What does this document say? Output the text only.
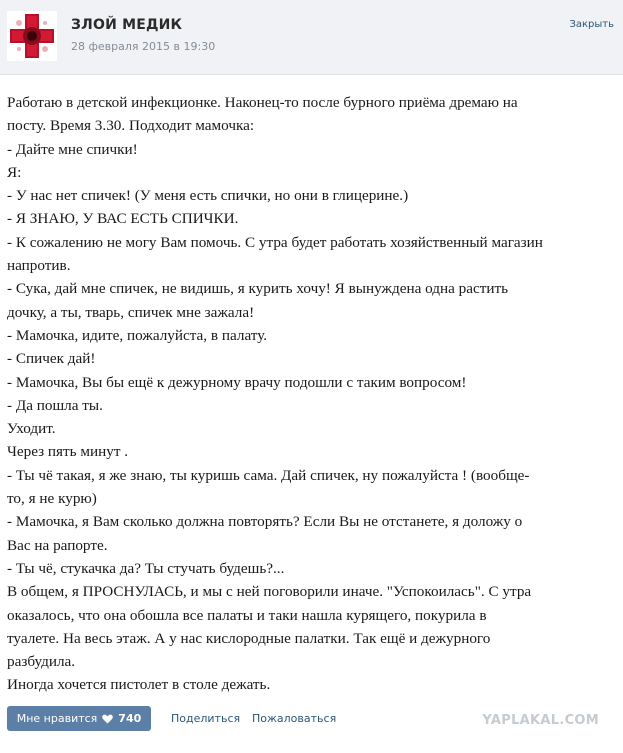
ЗЛОЙ МЕДИК
28 февраля 2015 в 19:30
Закрыть
Работаю в детской инфекционке. Наконец-то после бурного приёма дремаю на
посту. Время 3.30. Подходит мамочка:
- Дайте мне спички!
Я:
- У нас нет спичек! (У меня есть спички, но они в глицерине.)
- Я ЗНАЮ, У ВАС ЕСТЬ СПИЧКИ.
- К сожалению не могу Вам помочь. С утра будет работать хозяйственный магазин
напротив.
- Сука, дай мне спичек, не видишь, я курить хочу! Я вынуждена одна растить
дочку, а ты, тварь, спичек мне зажала!
- Мамочка, идите, пожалуйста, в палату.
- Спичек дай!
- Мамочка, Вы бы ещё к дежурному врачу подошли с таким вопросом!
- Да пошла ты.
Уходит.
Через пять минут .
- Ты чё такая, я же знаю, ты куришь сама. Дай спичек, ну пожалуйста ! (вообще-
то, я не курю)
- Мамочка, я Вам сколько должна повторять? Если Вы не отстанете, я доложу о
Вас на рапорте.
- Ты чё, стукачка да? Ты стучать будешь?...
В общем, я ПРОСНУЛАСЬ, и мы с ней поговорили иначе. "Успокоилась". С утра
оказалось, что она обошла все палаты и таки нашла курящего, покурила в
туалете. На весь этаж. А у нас кислородные палатки. Так ещё и дежурного
разбудила.
Иногда хочется пистолет в столе дежать.
Мне нравится 740	Поделиться Пожаловаться	YAPLAKAL.COM
